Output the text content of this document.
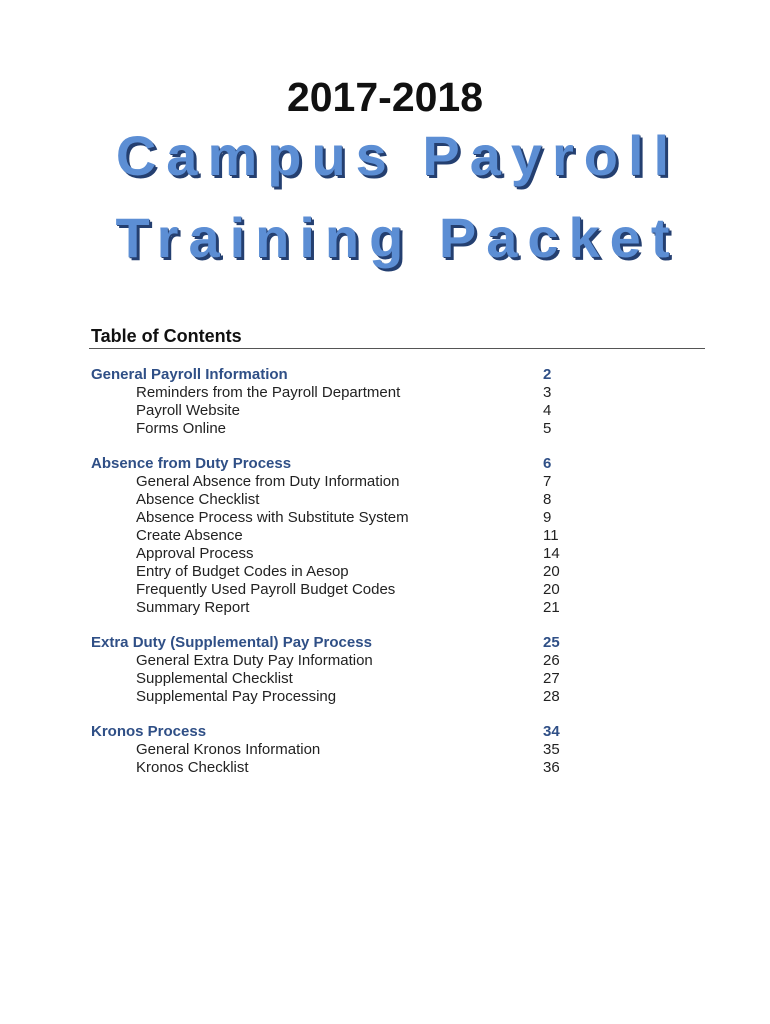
2017-2018
Campus Payroll
Training Packet
Table of Contents
General Payroll Information	2
Reminders from the Payroll Department	3
Payroll Website	4
Forms Online	5
Absence from Duty Process	6
General Absence from Duty Information	7
Absence Checklist	8
Absence Process with Substitute System	9
Create Absence	11
Approval Process	14
Entry of Budget Codes in Aesop	20
Frequently Used Payroll Budget Codes	20
Summary Report	21
Extra Duty (Supplemental) Pay Process	25
General Extra Duty Pay Information	26
Supplemental Checklist	27
Supplemental Pay Processing	28
Kronos Process	34
General Kronos Information	35
Kronos Checklist	36
